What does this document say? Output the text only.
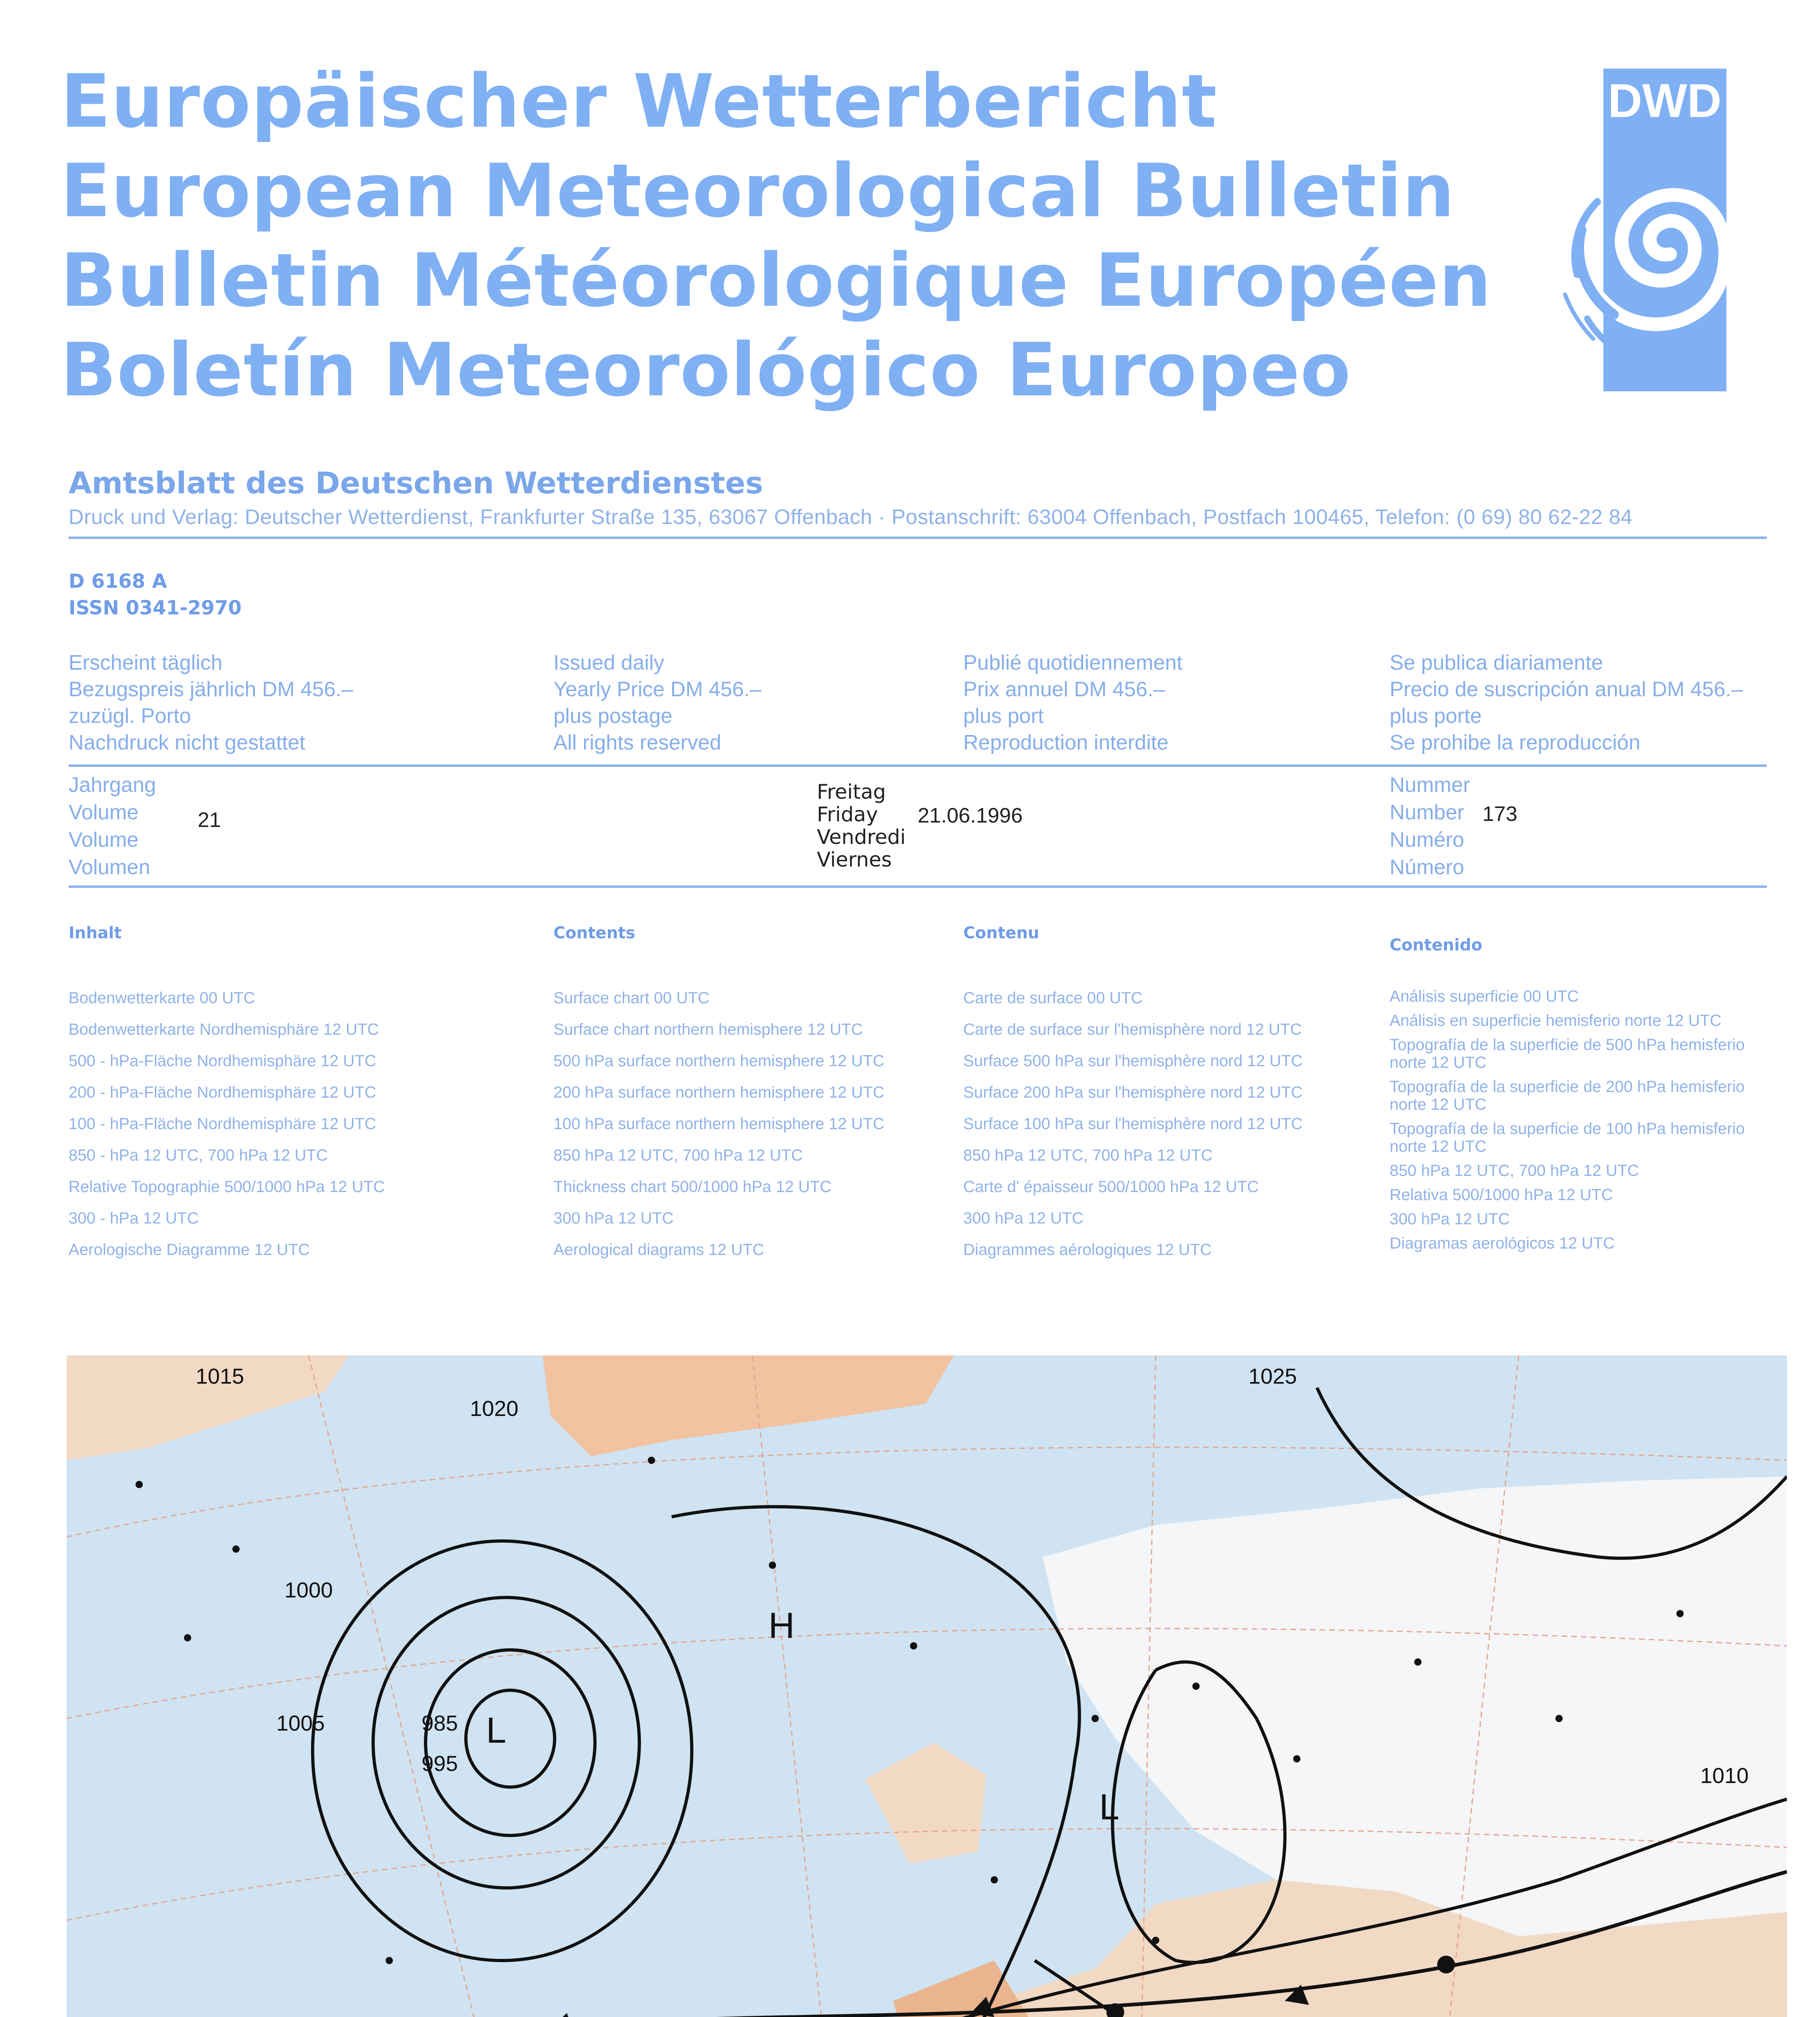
Europäischer Wetterbericht
European Meteorological Bulletin
Bulletin Météorologique Européen
Boletín Meteorológico Europeo
DWD
Amtsblatt des Deutschen Wetterdienstes
Druck und Verlag: Deutscher Wetterdienst, Frankfurter Straße 135, 63067 Offenbach · Postanschrift: 63004 Offenbach, Postfach 100465, Telefon: (0 69) 80 62-22 84
D 6168 A
ISSN 0341-2970
Erscheint täglich
Bezugspreis jährlich DM 456.–
zuzügl. Porto
Nachdruck nicht gestattet
Issued daily
Yearly Price DM 456.–
plus postage
All rights reserved
Publié quotidiennement
Prix annuel DM 456.–
plus port
Reproduction interdite
Se publica diariamente
Precio de suscripción anual DM 456.–
plus porte
Se prohibe la reproducción
Jahrgang
Volume
Volume
Volumen
21
Freitag
Friday
Vendredi
Viernes
21.06.1996
Nummer
Number
Numéro
Número
173
Inhalt	Contents	Contenu
Contenido
Bodenwetterkarte 00 UTC
Bodenwetterkarte Nordhemisphäre 12 UTC
500 - hPa-Fläche Nordhemisphäre 12 UTC
200 - hPa-Fläche Nordhemisphäre 12 UTC
100 - hPa-Fläche Nordhemisphäre 12 UTC
850 - hPa 12 UTC, 700 hPa 12 UTC
Relative Topographie 500/1000 hPa 12 UTC
300 - hPa 12 UTC
Aerologische Diagramme 12 UTC
Surface chart 00 UTC
Surface chart northern hemisphere 12 UTC
500 hPa surface northern hemisphere 12 UTC
200 hPa surface northern hemisphere 12 UTC
100 hPa surface northern hemisphere 12 UTC
850 hPa 12 UTC, 700 hPa 12 UTC
Thickness chart 500/1000 hPa 12 UTC
300 hPa 12 UTC
Aerological diagrams 12 UTC
Carte de surface 00 UTC
Carte de surface sur l'hemisphère nord 12 UTC
Surface 500 hPa sur l'hemisphère nord 12 UTC
Surface 200 hPa sur l'hemisphère nord 12 UTC
Surface 100 hPa sur l'hemisphère nord 12 UTC
850 hPa 12 UTC, 700 hPa 12 UTC
Carte d' épaisseur 500/1000 hPa 12 UTC
300 hPa 12 UTC
Diagrammes aérologiques 12 UTC
Análisis superficie 00 UTC
Análisis en superficie hemisferio norte 12 UTC
Topografía de la superficie de 500 hPa hemisferio norte 12 UTC
Topografía de la superficie de 200 hPa hemisferio norte 12 UTC
Topografía de la superficie de 100 hPa hemisferio norte 12 UTC
850 hPa 12 UTC, 700 hPa 12 UTC
Relativa 500/1000 hPa 12 UTC
300 hPa 12 UTC
Diagramas aerológicos 12 UTC
1015
1020
1025
1000
1005
1010
985
995
L
L
H
